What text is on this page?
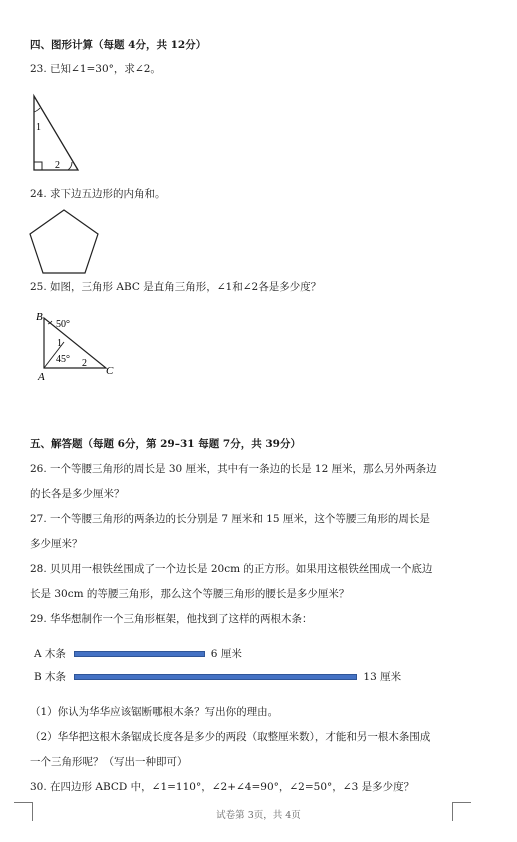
四、图形计算（每题 4分，共 12分）
23. 已知∠1=30°，求∠2。
1
2
24. 求下边五边形的内角和。
25. 如图，三角形 ABC 是直角三角形，∠1和∠2各是多少度？
B
A	C
50°
45°
1
2
五、解答题（每题 6分，第 29–31 每题 7分，共 39分）
26. 一个等腰三角形的周长是 30 厘米，其中有一条边的长是 12 厘米，那么另外两条边
的长各是多少厘米？
27. 一个等腰三角形的两条边的长分别是 7 厘米和 15 厘米，这个等腰三角形的周长是
多少厘米？
28. 贝贝用一根铁丝围成了一个边长是 20cm 的正方形。如果用这根铁丝围成一个底边
长是 30cm 的等腰三角形，那么这个等腰三角形的腰长是多少厘米？
29. 华华想制作一个三角形框架，他找到了这样的两根木条：
A 木条	6 厘米
B 木条	13 厘米
（1）你认为华华应该锯断哪根木条？写出你的理由。
（2）华华把这根木条锯成长度各是多少的两段（取整厘米数），才能和另一根木条围成
一个三角形呢？（写出一种即可）
30. 在四边形 ABCD 中，∠1=110°，∠2+∠4=90°，∠2=50°，∠3 是多少度？
试卷第 3页，共 4页
